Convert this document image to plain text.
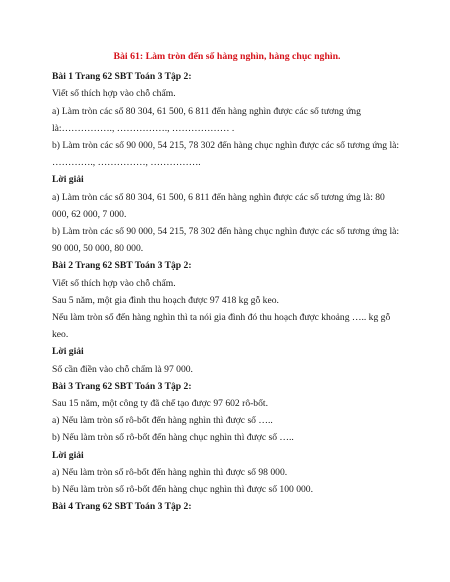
Bài 61: Làm tròn đến số hàng nghìn, hàng chục nghìn.

Bài 1 Trang 62 SBT Toán 3 Tập 2:

Viết số thích hợp vào chỗ chấm.

a) Làm tròn các số 80 304, 61 500, 6 811 đến hàng nghìn được các số tương ứng là:……………., ……………., ……………… .

b) Làm tròn các số 90 000, 54 215, 78 302 đến hàng chục nghìn được các số tương ứng là: …………., ……………, …………….

Lời giải

a) Làm tròn các số 80 304, 61 500, 6 811 đến hàng nghìn được các số tương ứng là: 80 000, 62 000, 7 000.

b) Làm tròn các số 90 000, 54 215, 78 302 đến hàng chục nghìn được các số tương ứng là: 90 000, 50 000, 80 000.

Bài 2 Trang 62 SBT Toán 3 Tập 2:

Viết số thích hợp vào chỗ chấm.

Sau 5 năm, một gia đình thu hoạch được 97 418 kg gỗ keo.

Nếu làm tròn số đến hàng nghìn thì ta nói gia đình đó thu hoạch được khoảng ….. kg gỗ keo.

Lời giải

Số cần điền vào chỗ chấm là 97 000.

Bài 3 Trang 62 SBT Toán 3 Tập 2:

Sau 15 năm, một công ty đã chế tạo được 97 602 rô-bốt.

a) Nếu làm tròn số rô-bốt đến hàng nghìn thì được số …..

b) Nếu làm tròn số rô-bốt đến hàng chục nghìn thì được số …..

Lời giải

a) Nếu làm tròn số rô-bốt đến hàng nghìn thì được số 98 000.

b) Nếu làm tròn số rô-bốt đến hàng chục nghìn thì được số 100 000.

Bài 4 Trang 62 SBT Toán 3 Tập 2:
